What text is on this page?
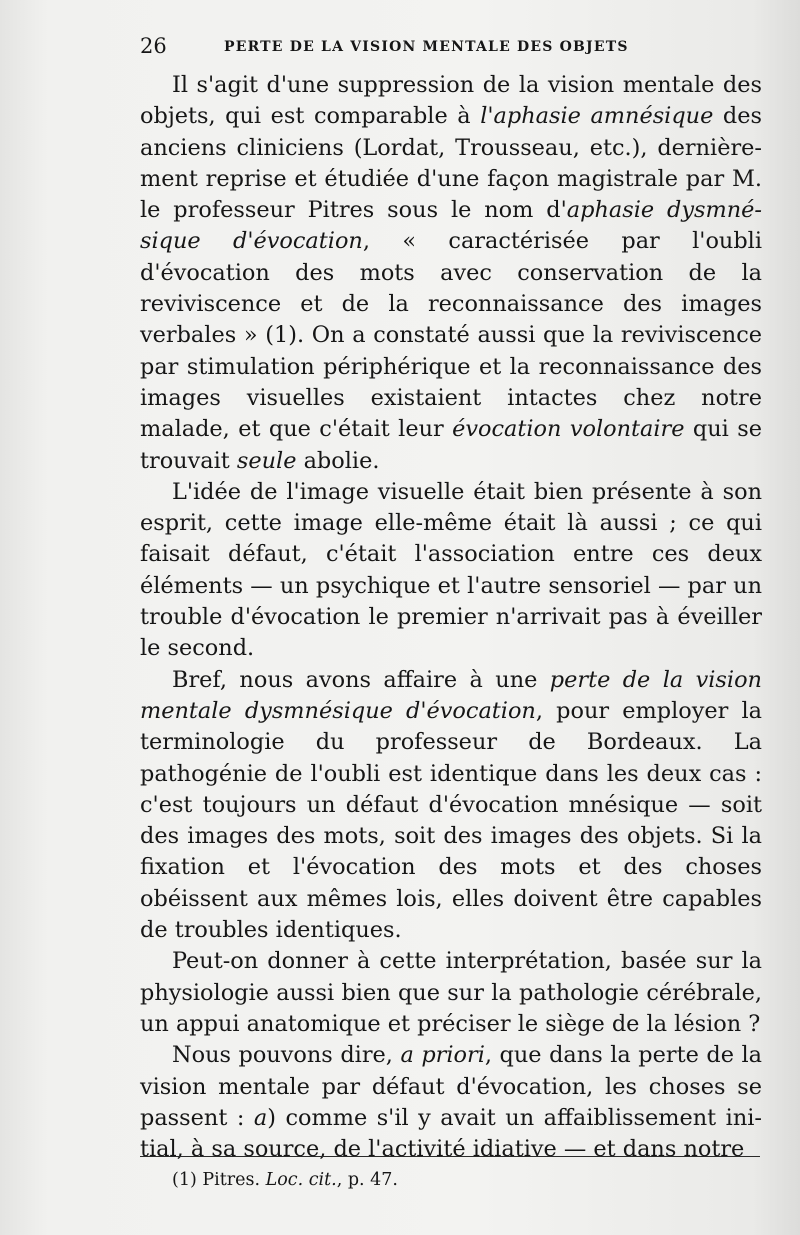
26	PERTE DE LA VISION MENTALE DES OBJETS

Il s'agit d'une suppression de la vision mentale des objets, qui est comparable à l'aphasie amnésique des anciens cliniciens (Lordat, Trousseau, etc.), dernièrement reprise et étudiée d'une façon magistrale par M. le professeur Pitres sous le nom d'aphasie dysmnésique d'évocation, « caractérisée par l'oubli d'évocation des mots avec conservation de la reviviscence et de la reconnaissance des images verbales » (1). On a constaté aussi que la reviviscence par stimulation périphérique et la reconnaissance des images visuelles existaient intactes chez notre malade, et que c'était leur évocation volontaire qui se trouvait seule abolie.

L'idée de l'image visuelle était bien présente à son esprit, cette image elle-même était là aussi ; ce qui faisait défaut, c'était l'association entre ces deux éléments — un psychique et l'autre sensoriel — par un trouble d'évocation le premier n'arrivait pas à éveiller le second.

Bref, nous avons affaire à une perte de la vision mentale dysmnésique d'évocation, pour employer la terminologie du professeur de Bordeaux. La pathogénie de l'oubli est identique dans les deux cas : c'est toujours un défaut d'évocation mnésique — soit des images des mots, soit des images des objets. Si la fixation et l'évocation des mots et des choses obéissent aux mêmes lois, elles doivent être capables de troubles identiques.

Peut-on donner à cette interprétation, basée sur la physiologie aussi bien que sur la pathologie cérébrale, un appui anatomique et préciser le siège de la lésion ?

Nous pouvons dire, a priori, que dans la perte de la vision mentale par défaut d'évocation, les choses se passent : a) comme s'il y avait un affaiblissement initial, à sa source, de l'activité idiative — et dans notre

(1) Pitres. Loc. cit., p. 47.
